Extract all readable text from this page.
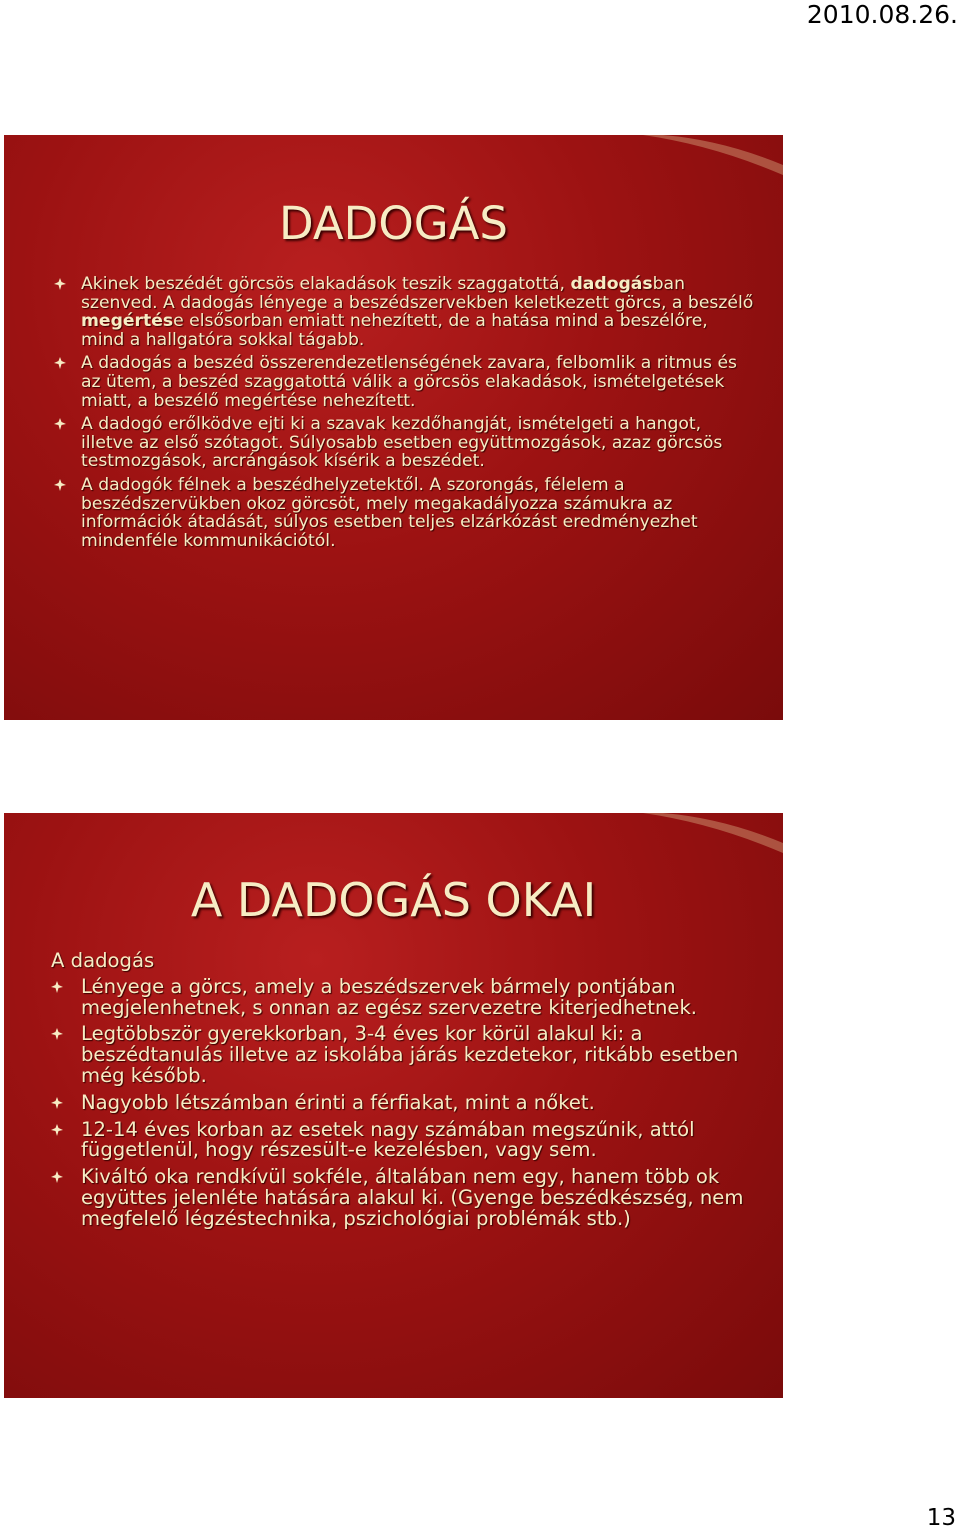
2010.08.26.
DADOGÁS
Akinek beszédét görcsös elakadások teszik szaggatottá, dadogásban szenved. A dadogás lényege a beszédszervekben keletkezett görcs, a beszélő megértése elsősorban emiatt nehezített, de a hatása mind a beszélőre, mind a hallgatóra sokkal tágabb.
A dadogás a beszéd összerendezetlenségének zavara, felbomlik a ritmus és az ütem, a beszéd szaggatottá válik a görcsös elakadások, ismételgetések miatt, a beszélő megértése nehezített.
A dadogó erőlködve ejti ki a szavak kezdőhangját, ismételgeti a hangot, illetve az első szótagot. Súlyosabb esetben együttmozgások, azaz görcsös testmozgások, arcrángások kísérik a beszédet.
A dadogók félnek a beszédhelyzetektől. A szorongás, félelem a beszédszervükben okoz görcsöt, mely megakadályozza számukra az információk átadását, súlyos esetben teljes elzárkózást eredményezhet mindenféle kommunikációtól.
A DADOGÁS OKAI

A dadogás

Lényege a görcs, amely a beszédszervek bármely pontjában megjelenhetnek, s onnan az egész szervezetre kiterjedhetnek.
Legtöbbször gyerekkorban, 3-4 éves kor körül alakul ki: a beszédtanulás illetve az iskolába járás kezdetekor, ritkább esetben még később.
Nagyobb létszámban érinti a férfiakat, mint a nőket.
12-14 éves korban az esetek nagy számában megszűnik, attól függetlenül, hogy részesült-e kezelésben, vagy sem.
Kiváltó oka rendkívül sokféle, általában nem egy, hanem több ok együttes jelenléte hatására alakul ki. (Gyenge beszédkészség, nem megfelelő légzéstechnika, pszichológiai problémák stb.)
13
